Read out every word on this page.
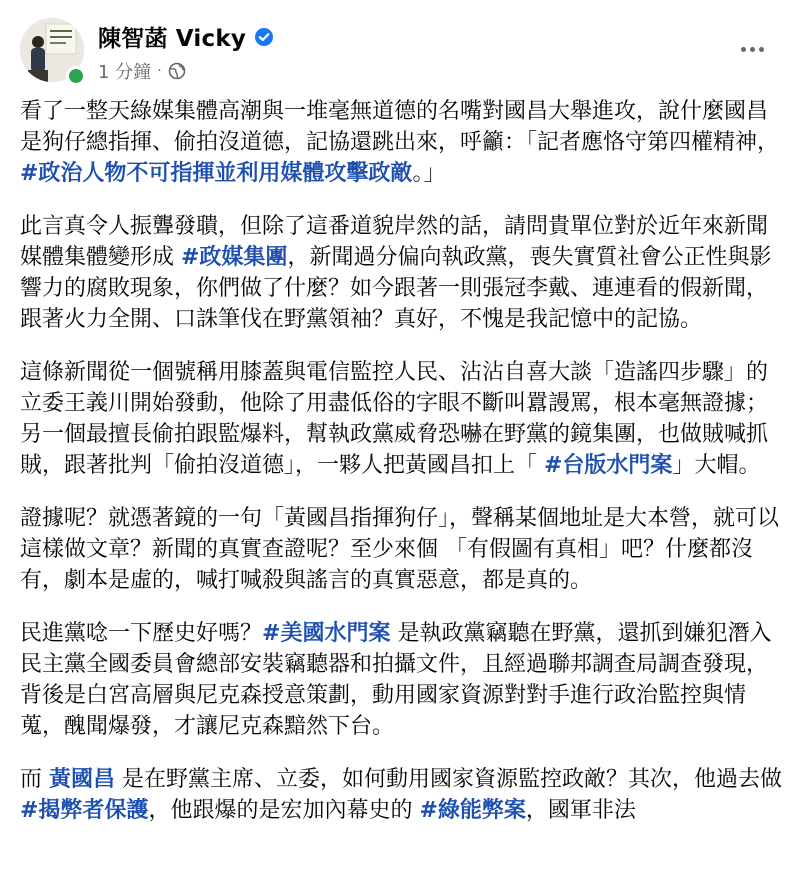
陳智菡 Vicky
1 分鐘 ·

看了一整天綠媒集體高潮與一堆毫無道德的名嘴對國昌大舉進攻，說什麼國昌是狗仔總指揮、偷拍沒道德，記協還跳出來，呼籲：「記者應恪守第四權精神，#政治人物不可指揮並利用媒體攻擊政敵。」

此言真令人振聾發聵，但除了這番道貌岸然的話，請問貴單位對於近年來新聞媒體集體變形成 #政媒集團，新聞過分偏向執政黨，喪失實質社會公正性與影響力的腐敗現象，你們做了什麼？如今跟著一則張冠李戴、連連看的假新聞，跟著火力全開、口誅筆伐在野黨領袖？真好，不愧是我記憶中的記協。

這條新聞從一個號稱用膝蓋與電信監控人民、沾沾自喜大談「造謠四步驟」的立委王義川開始發動，他除了用盡低俗的字眼不斷叫囂謾罵，根本毫無證據；另一個最擅長偷拍跟監爆料，幫執政黨威脅恐嚇在野黨的鏡集團，也做賊喊抓賊，跟著批判「偷拍沒道德」，一夥人把黃國昌扣上「 #台版水門案」大帽。

證據呢？就憑著鏡的一句「黃國昌指揮狗仔」，聲稱某個地址是大本營，就可以這樣做文章？新聞的真實查證呢？至少來個 「有假圖有真相」吧？什麼都沒有，劇本是虛的，喊打喊殺與謠言的真實惡意，都是真的。

民進黨唸一下歷史好嗎？#美國水門案 是執政黨竊聽在野黨，還抓到嫌犯潛入民主黨全國委員會總部安裝竊聽器和拍攝文件，且經過聯邦調查局調查發現，背後是白宮高層與尼克森授意策劃，動用國家資源對對手進行政治監控與情蒐，醜聞爆發，才讓尼克森黯然下台。

而 黃國昌 是在野黨主席、立委，如何動用國家資源監控政敵？其次，他過去做 #揭弊者保護，他跟爆的是宏加內幕史的 #綠能弊案，國軍非法
